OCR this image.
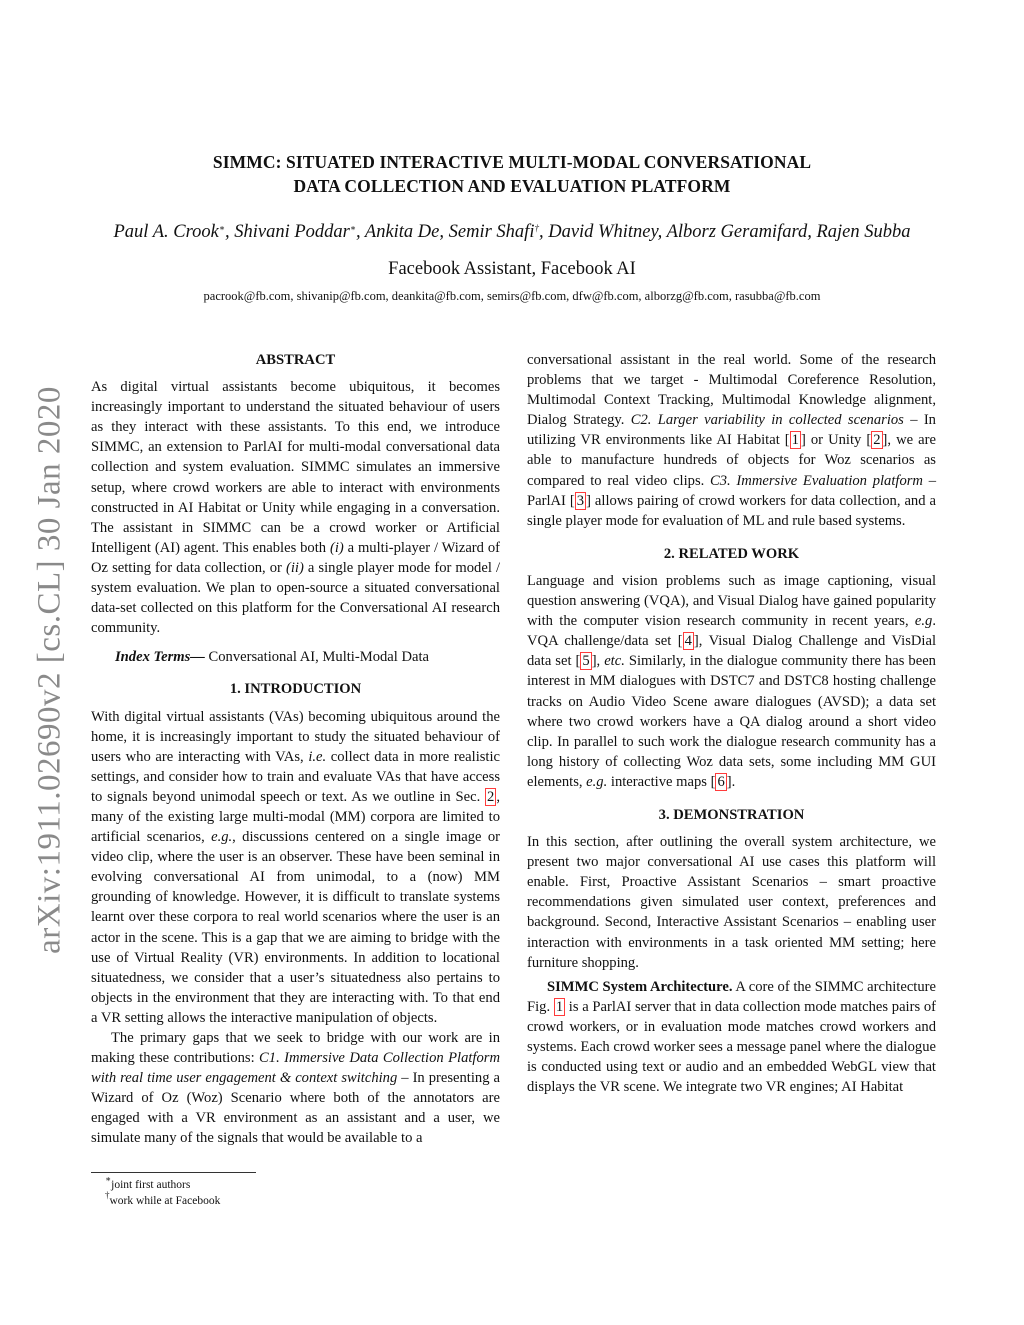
SIMMC: SITUATED INTERACTIVE MULTI-MODAL CONVERSATIONAL
DATA COLLECTION AND EVALUATION PLATFORM
Paul A. Crook∗, Shivani Poddar∗, Ankita De, Semir Shafi†, David Whitney, Alborz Geramifard, Rajen Subba
Facebook Assistant, Facebook AI
pacrook@fb.com, shivanip@fb.com, deankita@fb.com, semirs@fb.com, dfw@fb.com, alborzg@fb.com, rasubba@fb.com
arXiv:1911.02690v2 [cs.CL] 30 Jan 2020
ABSTRACT

As digital virtual assistants become ubiquitous, it becomes increasingly important to understand the situated behaviour of users as they interact with these assistants. To this end, we introduce SIMMC, an extension to ParlAI for multi-modal conversational data collection and system evaluation. SIMMC simulates an immersive setup, where crowd workers are able to interact with environments constructed in AI Habitat or Unity while engaging in a conversation. The assistant in SIMMC can be a crowd worker or Artificial Intelligent (AI) agent. This enables both (i) a multi-player / Wizard of Oz setting for data collection, or (ii) a single player mode for model / system evaluation. We plan to open-source a situated conversational data-set collected on this platform for the Conversational AI research community.

Index Terms— Conversational AI, Multi-Modal Data

1. INTRODUCTION

With digital virtual assistants (VAs) becoming ubiquitous around the home, it is increasingly important to study the situated behaviour of users who are interacting with VAs, i.e. collect data in more realistic settings, and consider how to train and evaluate VAs that have access to signals beyond unimodal speech or text. As we outline in Sec. 2 , many of the existing large multi-modal (MM) corpora are limited to artificial scenarios, e.g., discussions centered on a single image or video clip, where the user is an observer. These have been seminal in evolving conversational AI from unimodal, to a (now) MM grounding of knowledge. However, it is difficult to translate systems learnt over these corpora to real world scenarios where the user is an actor in the scene. This is a gap that we are aiming to bridge with the use of Virtual Reality (VR) environments. In addition to locational situatedness, we consider that a user’s situatedness also pertains to objects in the environment that they are interacting with. To that end a VR setting allows the interactive manipulation of objects.

The primary gaps that we seek to bridge with our work are in making these contributions: C1. Immersive Data Collection Platform with real time user engagement & context switching – In presenting a Wizard of Oz (Woz) Scenario where both of the annotators are engaged with a VR environment as an assistant and a user, we simulate many of the signals that would be available to a

conversational assistant in the real world. Some of the research problems that we target - Multimodal Coreference Resolution, Multimodal Context Tracking, Multimodal Knowledge alignment, Dialog Strategy. C2. Larger variability in collected scenarios – In utilizing VR environments like AI Habitat [ 1 ] or Unity [ 2 ], we are able to manufacture hundreds of objects for Woz scenarios as compared to real video clips. C3. Immersive Evaluation platform – ParlAI [ 3 ] allows pairing of crowd workers for data collection, and a single player mode for evaluation of ML and rule based systems.

2. RELATED WORK

Language and vision problems such as image captioning, visual question answering (VQA), and Visual Dialog have gained popularity with the computer vision research community in recent years, e.g. VQA challenge/data set [ 4 ], Visual Dialog Challenge and VisDial data set [ 5 ], etc. Similarly, in the dialogue community there has been interest in MM dialogues with DSTC7 and DSTC8 hosting challenge tracks on Audio Video Scene aware dialogues (AVSD); a data set where two crowd workers have a QA dialog around a short video clip. In parallel to such work the dialogue research community has a long history of collecting Woz data sets, some including MM GUI elements, e.g. interactive maps [ 6 ].

3. DEMONSTRATION

In this section, after outlining the overall system architecture, we present two major conversational AI use cases this platform will enable. First, Proactive Assistant Scenarios – smart proactive recommendations given simulated user context, preferences and background. Second, Interactive Assistant Scenarios – enabling user interaction with environments in a task oriented MM setting; here furniture shopping.

SIMMC System Architecture. A core of the SIMMC architecture Fig. 1 is a ParlAI server that in data collection mode matches pairs of crowd workers, or in evaluation mode matches crowd workers and systems. Each crowd worker sees a message panel where the dialogue is conducted using text or audio and an embedded WebGL view that displays the VR scene. We integrate two VR engines; AI Habitat

∗joint first authors
†work while at Facebook
